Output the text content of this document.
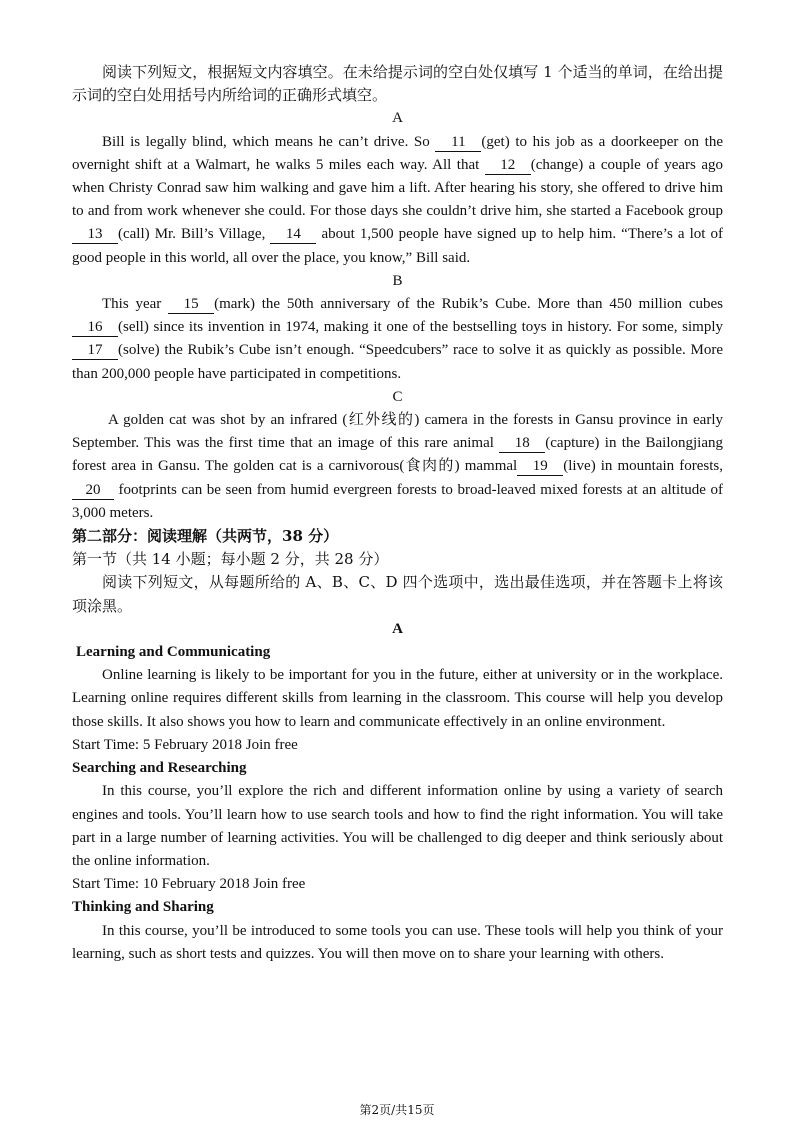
阅读下列短文，根据短文内容填空。在未给提示词的空白处仅填写 1 个适当的单词，在给出提示词的空白处用括号内所给词的正确形式填空。

A

Bill is legally blind, which means he can’t drive. So 11 (get) to his job as a doorkeeper on the overnight shift at a Walmart, he walks 5 miles each way. All that 12 (change) a couple of years ago when Christy Conrad saw him walking and gave him a lift. After hearing his story, she offered to drive him to and from work whenever she could. For those days she couldn’t drive him, she started a Facebook group 13 (call) Mr. Bill’s Village, 14 about 1,500 people have signed up to help him. “There’s a lot of good people in this world, all over the place, you know,” Bill said.

B

This year 15 (mark) the 50th anniversary of the Rubik’s Cube. More than 450 million cubes16 (sell) since its invention in 1974, making it one of the bestselling toys in history. For some, simply 17 (solve) the Rubik’s Cube isn’t enough. “Speedcubers” race to solve it as quickly as possible. More than 200,000 people have participated in competitions.

C

A golden cat was shot by an infrared (红外线的) camera in the forests in Gansu province in early September. This was the first time that an image of this rare animal 18 (capture) in the Bailongjiang forest area in Gansu. The golden cat is a carnivorous(食肉的) mammal 19 (live) in mountain forests, 20 footprints can be seen from humid evergreen forests to broad-leaved mixed forests at an altitude of 3,000 meters.

第二部分：阅读理解（共两节，38 分）

第一节（共 14 小题；每小题 2 分，共 28 分）

阅读下列短文，从每题所给的 A、B、C、D 四个选项中，选出最佳选项，并在答题卡上将该项涂黑。

A

Learning and Communicating

Online learning is likely to be important for you in the future, either at university or in the workplace. Learning online requires different skills from learning in the classroom. This course will help you develop those skills. It also shows you how to learn and communicate effectively in an online environment.

Start Time: 5 February 2018 Join free

Searching and Researching

In this course, you’ll explore the rich and different information online by using a variety of search engines and tools. You’ll learn how to use search tools and how to find the right information. You will take part in a large number of learning activities. You will be challenged to dig deeper and think seriously about the online information.

Start Time: 10 February 2018 Join free

Thinking and Sharing

In this course, you’ll be introduced to some tools you can use. These tools will help you think of your learning, such as short tests and quizzes. You will then move on to share your learning with others.

第2页/共15页
